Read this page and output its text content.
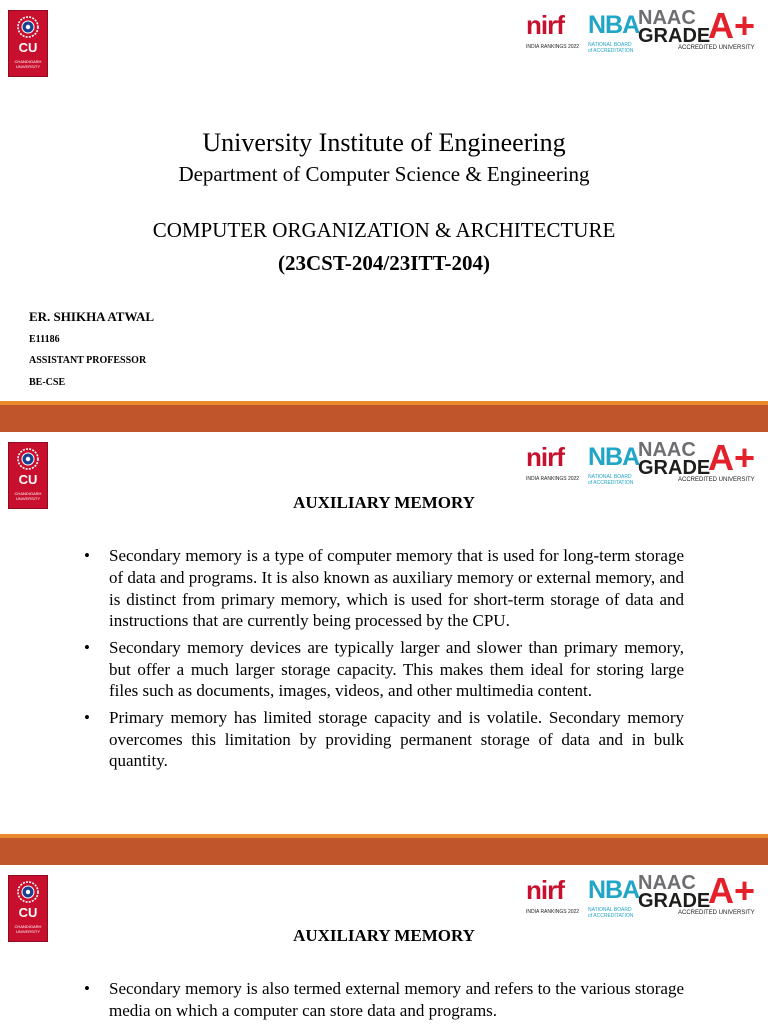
CU
CHANDIGARH UNIVERSITY
nirf
INDIA RANKINGS 2022
NBA
NATIONAL BOARD of ACCREDITATION
NAAC
GRADE
A+
ACCREDITED UNIVERSITY
University Institute of Engineering
Department of Computer Science & Engineering
COMPUTER ORGANIZATION & ARCHITECTURE
(23CST-204/23ITT-204)
ER. SHIKHA ATWAL
E11186
ASSISTANT PROFESSOR
BE-CSE
CU
CHANDIGARH UNIVERSITY
nirf
INDIA RANKINGS 2022
NBA
NATIONAL BOARD of ACCREDITATION
NAAC
GRADE
A+
ACCREDITED UNIVERSITY
AUXILIARY MEMORY
• Secondary memory is a type of computer memory that is used for long-term storage of data and programs. It is also known as auxiliary memory or external memory, and is distinct from primary memory, which is used for short-term storage of data and instructions that are currently being processed by the CPU.
• Secondary memory devices are typically larger and slower than primary memory, but offer a much larger storage capacity. This makes them ideal for storing large files such as documents, images, videos, and other multimedia content.
• Primary memory has limited storage capacity and is volatile. Secondary memory overcomes this limitation by providing permanent storage of data and in bulk quantity.
CU
CHANDIGARH UNIVERSITY
nirf
INDIA RANKINGS 2022
NBA
NATIONAL BOARD of ACCREDITATION
NAAC
GRADE
A+
ACCREDITED UNIVERSITY
AUXILIARY MEMORY
• Secondary memory is also termed external memory and refers to the various storage media on which a computer can store data and programs.
